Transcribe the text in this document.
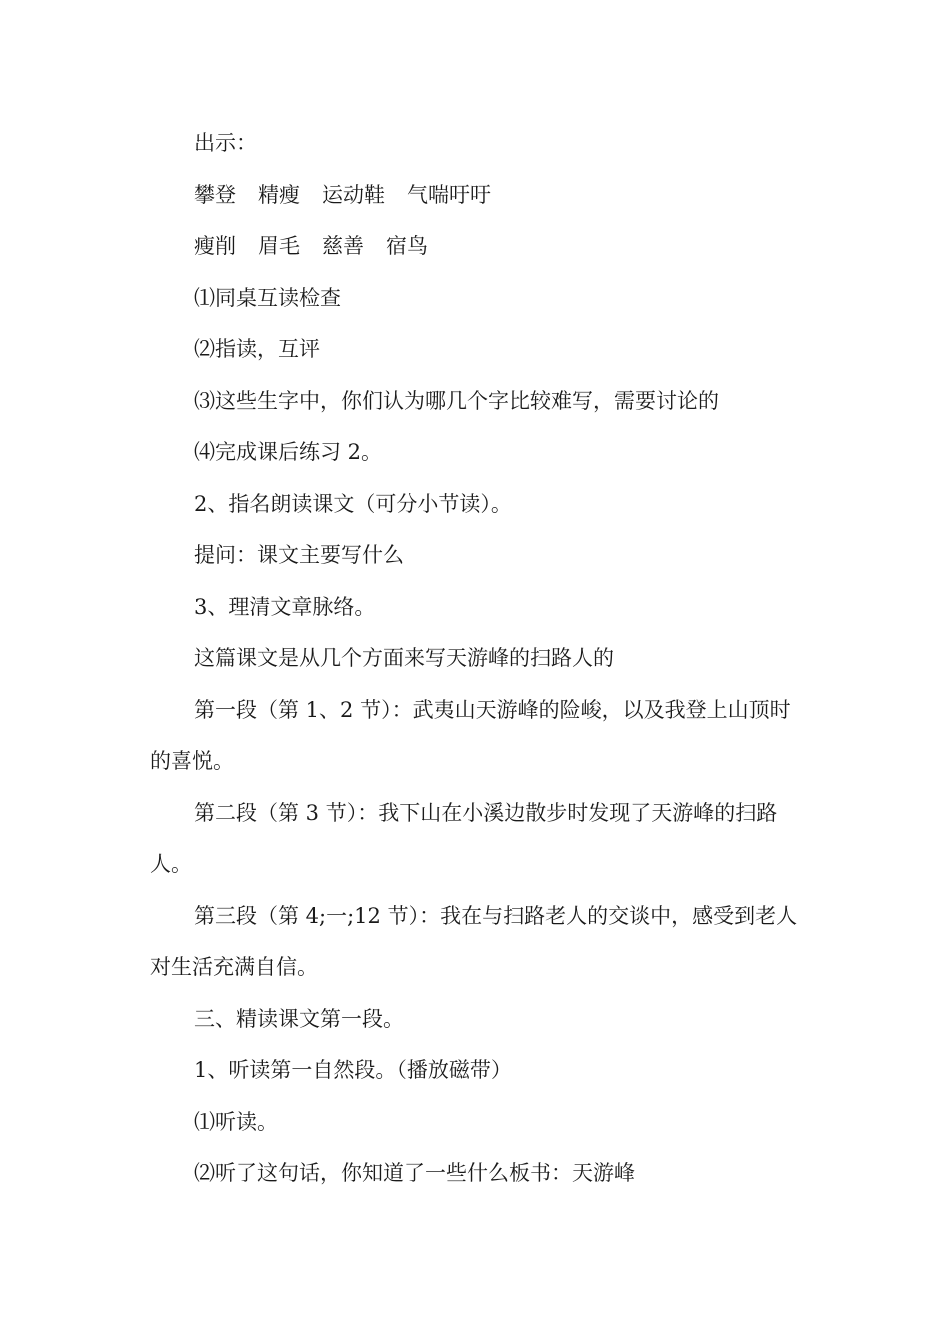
出示：

攀登 精瘦 运动鞋 气喘吁吁

瘦削 眉毛 慈善 宿鸟

⑴同桌互读检查

⑵指读，互评

⑶这些生字中，你们认为哪几个字比较难写，需要讨论的

⑷完成课后练习 2。

2、指名朗读课文（可分小节读）。

提问：课文主要写什么

3、理清文章脉络。

这篇课文是从几个方面来写天游峰的扫路人的

第一段（第 1、2 节）：武夷山天游峰的险峻，以及我登上山顶时的喜悦。

第二段（第 3 节）：我下山在小溪边散步时发现了天游峰的扫路人。

第三段（第 4;一;12 节）：我在与扫路老人的交谈中，感受到老人对生活充满自信。

三、精读课文第一段。

1、听读第一自然段。（播放磁带）

⑴听读。

⑵听了这句话，你知道了一些什么板书：天游峰
